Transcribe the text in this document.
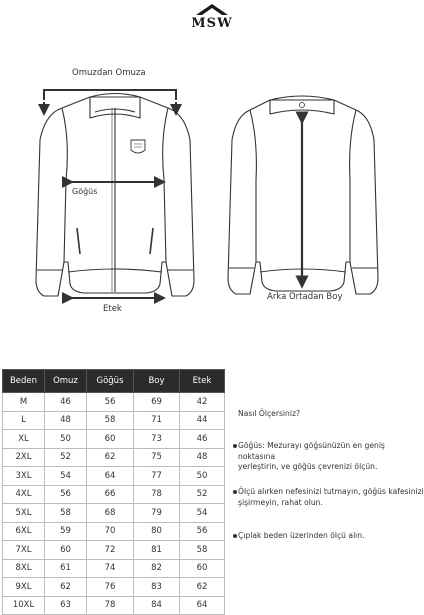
MSW
Omuzdan Omuza
Göğüs
Etek
Arka Ortadan Boy
Beden	Omuz	Göğüs	Boy	Etek
M	46	56	69	42
L	48	58	71	44
XL	50	60	73	46
2XL	52	62	75	48
3XL	54	64	77	50
4XL	56	66	78	52
5XL	58	68	79	54
6XL	59	70	80	56
7XL	60	72	81	58
8XL	61	74	82	60
9XL	62	76	83	62
10XL	63	78	84	64
Nasıl Ölçersiniz?
Göğüs: Mezurayı göğsünüzün en geniş noktasına
yerleştirin, ve göğüs çevrenizi ölçün.
Ölçü alırken nefesinizi tutmayın, göğüs kafesinizi
şişirmeyin, rahat olun.
Çıplak beden üzerinden ölçü alın.
